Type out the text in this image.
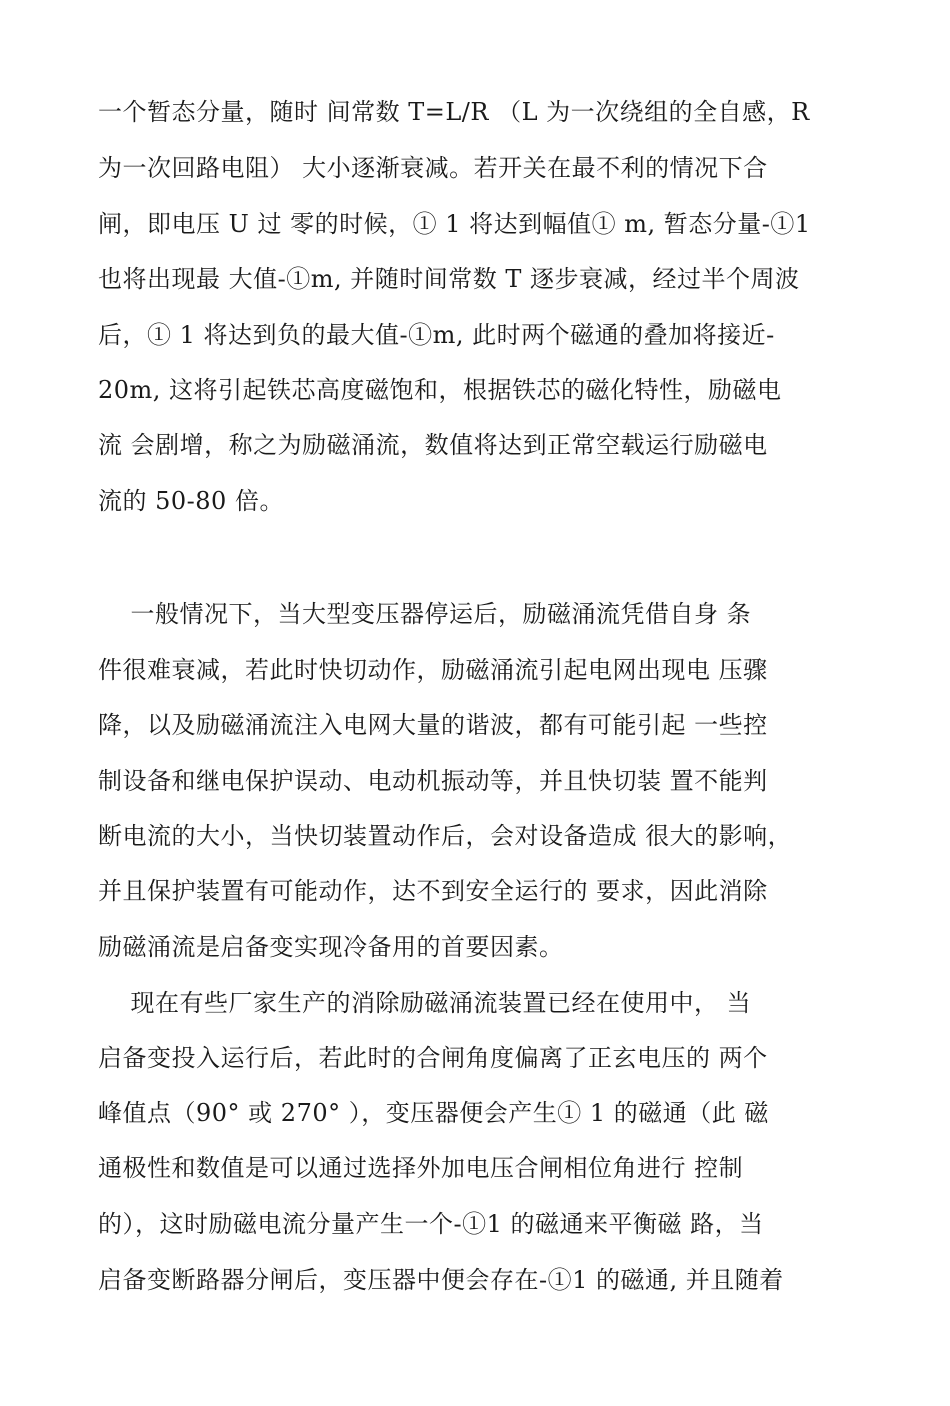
一个暂态分量，随时 间常数 T=L/R （L 为一次绕组的全自感，R
为一次回路电阻） 大小逐渐衰减。若开关在最不利的情况下合
闸，即电压 U 过 零的时候，① 1 将达到幅值① m, 暂态分量-①1
也将出现最 大值-①m, 并随时间常数 T 逐步衰减，经过半个周波
后，① 1 将达到负的最大值-①m, 此时两个磁通的叠加将接近-
20m, 这将引起铁芯高度磁饱和，根据铁芯的磁化特性，励磁电
流 会剧增，称之为励磁涌流，数值将达到正常空载运行励磁电
流的 50-80 倍。
一般情况下，当大型变压器停运后，励磁涌流凭借自身 条
件很难衰减，若此时快切动作，励磁涌流引起电网出现电 压骤
降，以及励磁涌流注入电网大量的谐波，都有可能引起 一些控
制设备和继电保护误动、电动机振动等，并且快切装 置不能判
断电流的大小，当快切装置动作后，会对设备造成 很大的影响，
并且保护装置有可能动作，达不到安全运行的 要求，因此消除
励磁涌流是启备变实现冷备用的首要因素。
现在有些厂家生产的消除励磁涌流装置已经在使用中， 当
启备变投入运行后，若此时的合闸角度偏离了正玄电压的 两个
峰值点（90° 或 270° ），变压器便会产生① 1 的磁通（此 磁
通极性和数值是可以通过选择外加电压合闸相位角进行 控制
的），这时励磁电流分量产生一个-①1 的磁通来平衡磁 路，当
启备变断路器分闸后，变压器中便会存在-①1 的磁通, 并且随着
